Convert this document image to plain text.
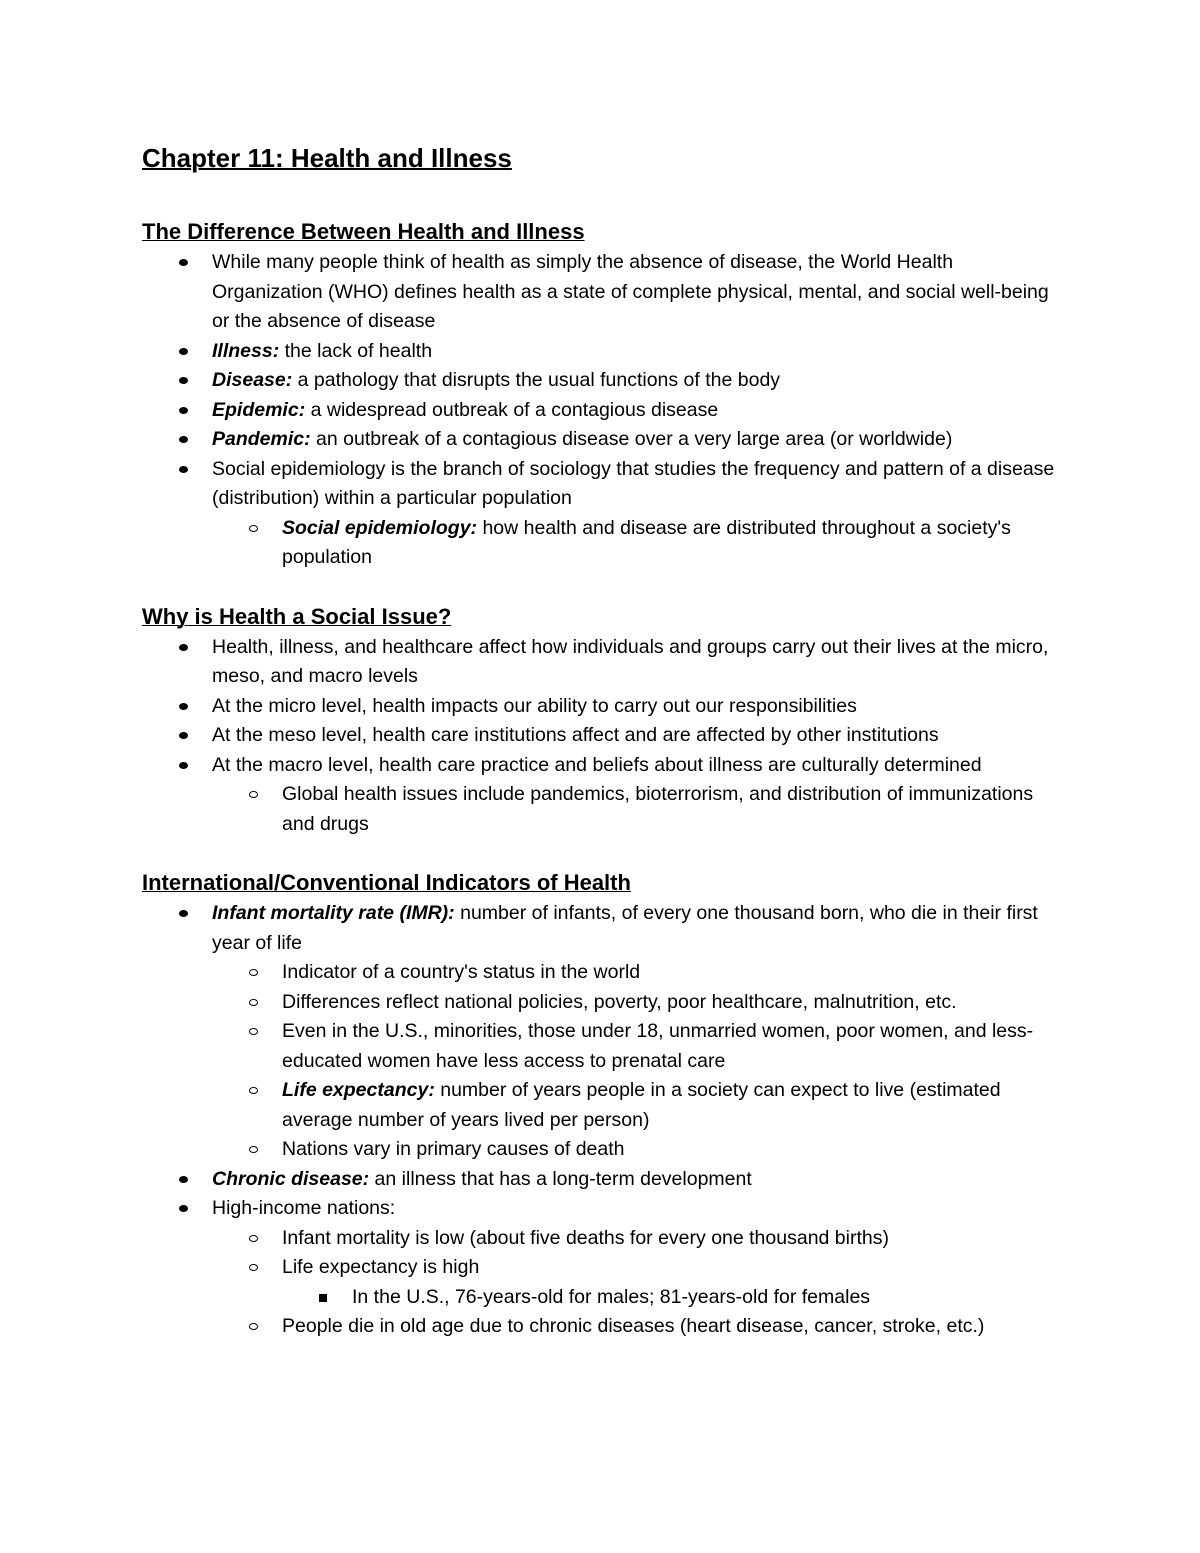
Chapter 11: Health and Illness
The Difference Between Health and Illness
While many people think of health as simply the absence of disease, the World Health Organization (WHO) defines health as a state of complete physical, mental, and social well-being or the absence of disease
Illness: the lack of health
Disease: a pathology that disrupts the usual functions of the body
Epidemic: a widespread outbreak of a contagious disease
Pandemic: an outbreak of a contagious disease over a very large area (or worldwide)
Social epidemiology is the branch of sociology that studies the frequency and pattern of a disease (distribution) within a particular population
Social epidemiology: how health and disease are distributed throughout a society's population
Why is Health a Social Issue?
Health, illness, and healthcare affect how individuals and groups carry out their lives at the micro, meso, and macro levels
At the micro level, health impacts our ability to carry out our responsibilities
At the meso level, health care institutions affect and are affected by other institutions
At the macro level, health care practice and beliefs about illness are culturally determined
Global health issues include pandemics, bioterrorism, and distribution of immunizations and drugs
International/Conventional Indicators of Health
Infant mortality rate (IMR): number of infants, of every one thousand born, who die in their first year of life
Indicator of a country's status in the world
Differences reflect national policies, poverty, poor healthcare, malnutrition, etc.
Even in the U.S., minorities, those under 18, unmarried women, poor women, and less-educated women have less access to prenatal care
Life expectancy: number of years people in a society can expect to live (estimated average number of years lived per person)
Nations vary in primary causes of death
Chronic disease: an illness that has a long-term development
High-income nations:
Infant mortality is low (about five deaths for every one thousand births)
Life expectancy is high
In the U.S., 76-years-old for males; 81-years-old for females
People die in old age due to chronic diseases (heart disease, cancer, stroke, etc.)
